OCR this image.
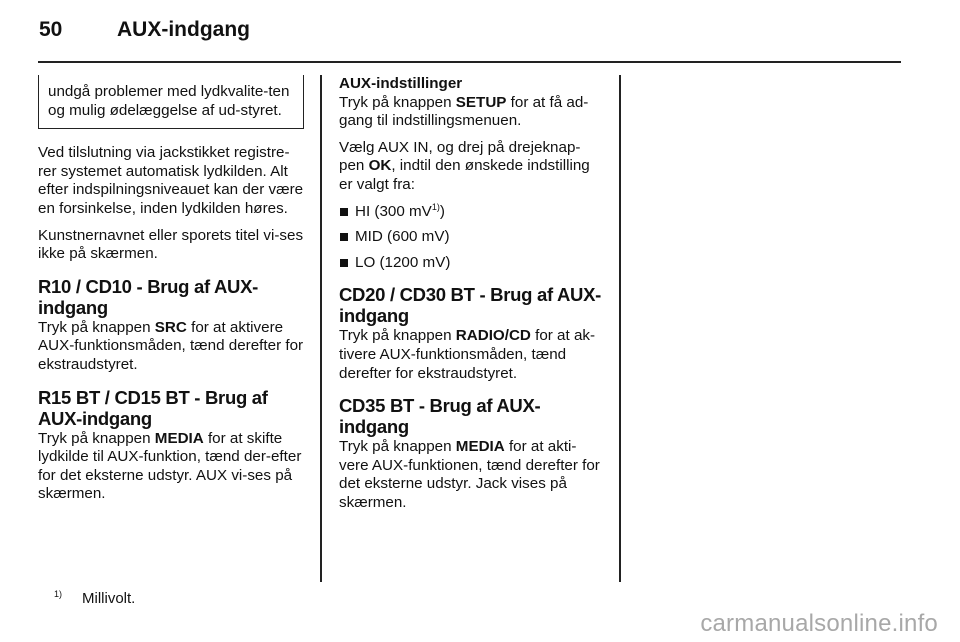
50	AUX-indgang
undgå problemer med lydkvalite-ten og mulig ødelæggelse af ud-styret.

Ved tilslutning via jackstikket registre-rer systemet automatisk lydkilden. Alt efter indspilningsniveauet kan der være en forsinkelse, inden lydkilden høres.

Kunstnernavnet eller sporets titel vi-ses ikke på skærmen.

R10 / CD10 - Brug af AUX-indgang

Tryk på knappen SRC for at aktivere AUX-funktionsmåden, tænd derefter for ekstraudstyret.

R15 BT / CD15 BT - Brug af AUX-indgang

Tryk på knappen MEDIA for at skifte lydkilde til AUX-funktion, tænd der-efter for det eksterne udstyr. AUX vi-ses på skærmen.

AUX-indstillinger

Tryk på knappen SETUP for at få ad-gang til indstillingsmenuen.

Vælg AUX IN, og drej på drejeknap-pen OK, indtil den ønskede indstilling er valgt fra:

HI (300 $mV^{1)}$)
MID (600 mV)
LO (1200 mV)
CD20 / CD30 BT - Brug af AUX-indgang

Tryk på knappen RADIO/CD for at ak-tivere AUX-funktionsmåden, tænd derefter for ekstraudstyret.

CD35 BT - Brug af AUX-indgang

Tryk på knappen MEDIA for at akti-vere AUX-funktionen, tænd derefter for det eksterne udstyr. Jack vises på skærmen.

$^{1)}$ Millivolt.
carmanualsonline.info
